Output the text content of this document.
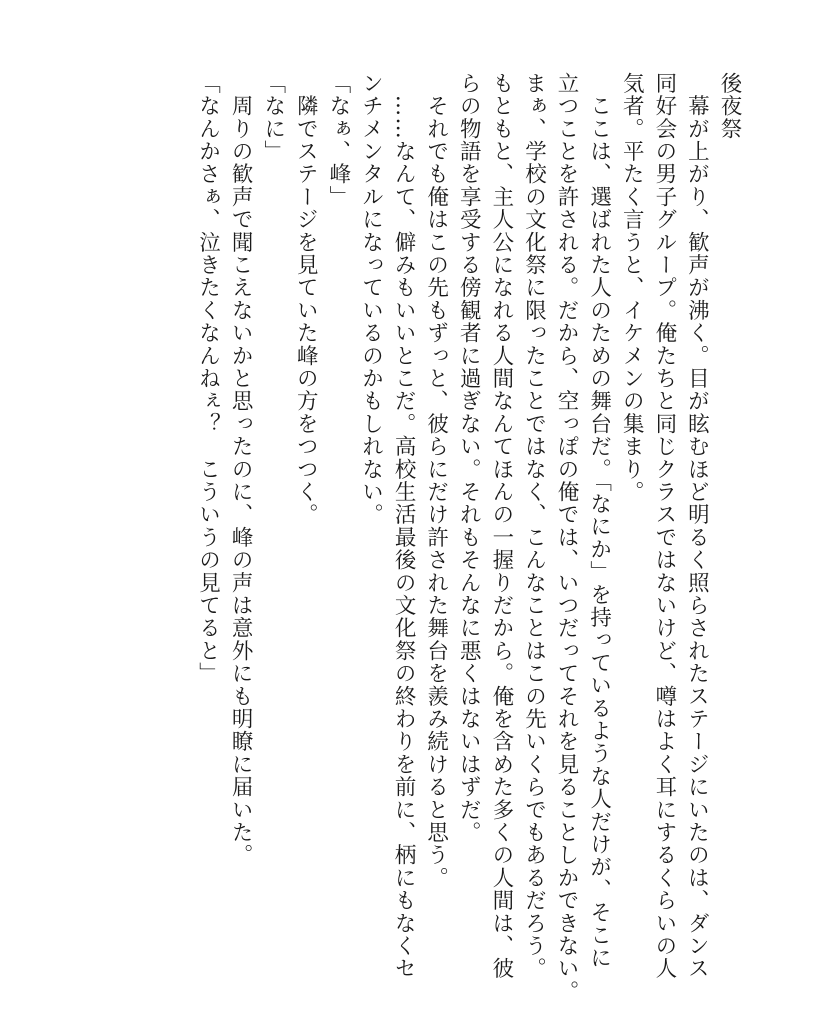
後夜祭
　幕が上がり、歓声が沸く。目が眩むほど明るく照らされたステージにいたのは、ダンス
同好会の男子グループ。俺たちと同じクラスではないけど、噂はよく耳にするくらいの人
気者。平たく言うと、イケメンの集まり。
　ここは、選ばれた人のための舞台だ。「なにか」を持っているような人だけが、そこに
立つことを許される。だから、空っぽの俺では、いつだってそれを見ることしかできない。
まぁ、学校の文化祭に限ったことではなく、こんなことはこの先いくらでもあるだろう。
もともと、主人公になれる人間なんてほんの一握りだから。俺を含めた多くの人間は、彼
らの物語を享受する傍観者に過ぎない。それもそんなに悪くはないはずだ。
　それでも俺はこの先もずっと、彼らにだけ許された舞台を羨み続けると思う。
　……なんて、僻みもいいとこだ。高校生活最後の文化祭の終わりを前に、柄にもなくセ
ンチメンタルになっているのかもしれない。
「なぁ、峰」
　隣でステージを見ていた峰の方をつつく。
「なに」
　周りの歓声で聞こえないかと思ったのに、峰の声は意外にも明瞭に届いた。
「なんかさぁ、泣きたくなんねぇ？　こういうの見てると」
